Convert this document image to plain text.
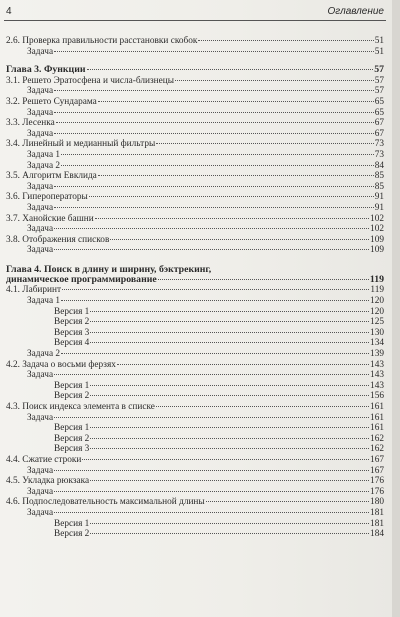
4	Оглавление
2.6. Проверка правильности расстановки скобок	51
Задача	51
Глава 3. Функции	57
3.1. Решето Эратосфена и числа-близнецы	57
Задача	57
3.2. Решето Сундарама	65
Задача	65
3.3. Лесенка	67
Задача	67
3.4. Линейный и медианный фильтры	73
Задача 1	73
Задача 2	84
3.5. Алгоритм Евклида	85
Задача	85
3.6. Гипероператоры	91
Задача	91
3.7. Ханойские башни	102
Задача	102
3.8. Отображения списков	109
Задача	109
Глава 4. Поиск в длину и ширину, бэктрекинг,
динамическое программирование	119
4.1. Лабиринт	119
Задача 1	120
Версия 1	120
Версия 2	125
Версия 3	130
Версия 4	134
Задача 2	139
4.2. Задача о восьми ферзях	143
Задача	143
Версия 1	143
Версия 2	156
4.3. Поиск индекса элемента в списке	161
Задача	161
Версия 1	161
Версия 2	162
Версия 3	162
4.4. Сжатие строки	167
Задача	167
4.5. Укладка рюкзака	176
Задача	176
4.6. Подпоследовательность максимальной длины	180
Задача	181
Версия 1	181
Версия 2	184
